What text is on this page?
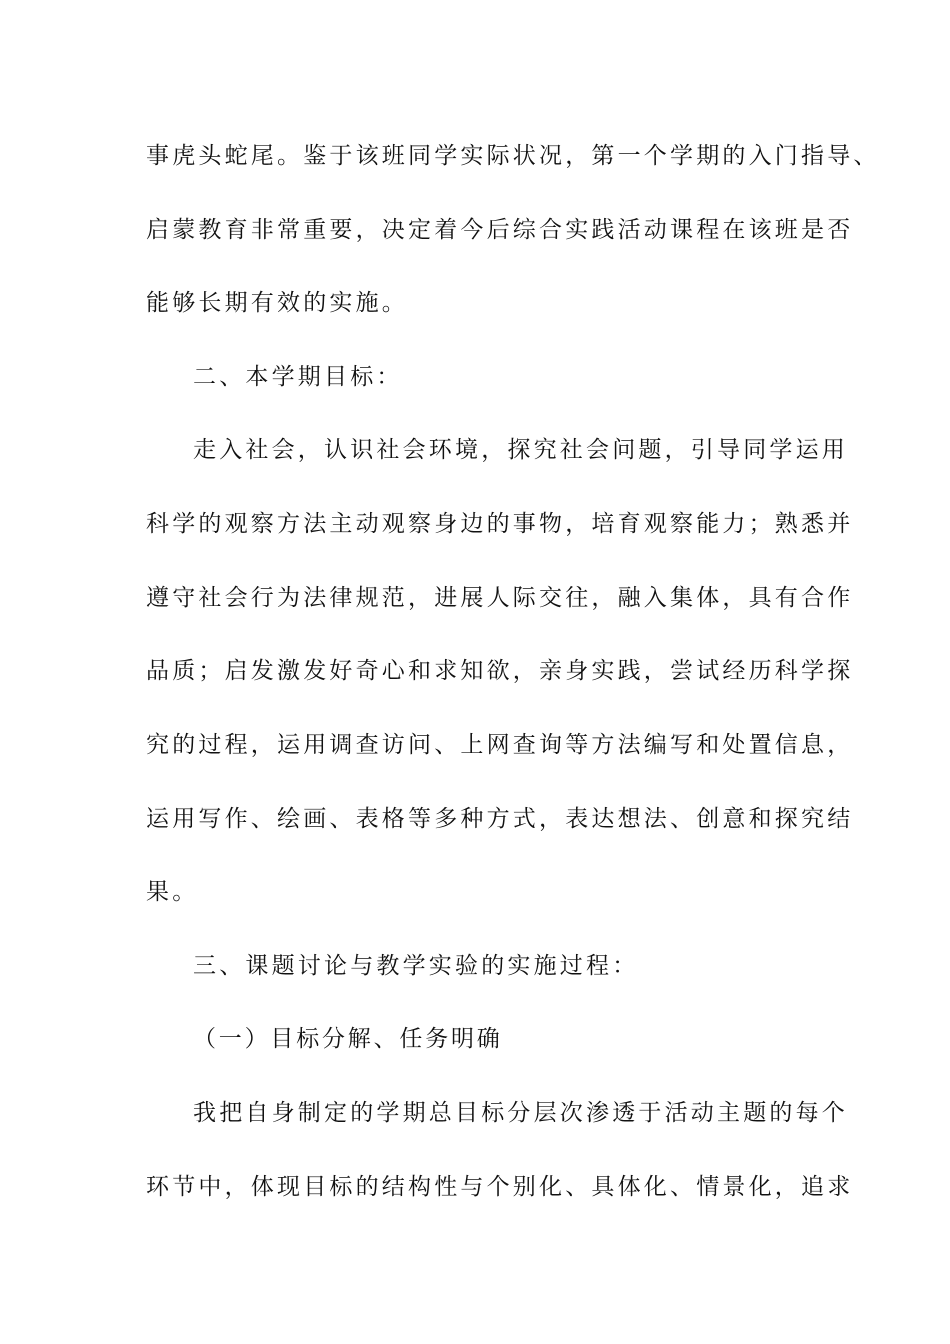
事虎头蛇尾。鉴于该班同学实际状况，第一个学期的入门指导、
启蒙教育非常重要，决定着今后综合实践活动课程在该班是否
能够长期有效的实施。
二、本学期目标：
走入社会，认识社会环境，探究社会问题，引导同学运用
科学的观察方法主动观察身边的事物，培育观察能力；熟悉并
遵守社会行为法律规范，进展人际交往，融入集体，具有合作
品质；启发激发好奇心和求知欲，亲身实践，尝试经历科学探
究的过程，运用调查访问、上网查询等方法编写和处置信息，
运用写作、绘画、表格等多种方式，表达想法、创意和探究结
果。
三、课题讨论与教学实验的实施过程：
（一）目标分解、任务明确
我把自身制定的学期总目标分层次渗透于活动主题的每个
环节中，体现目标的结构性与个别化、具体化、情景化，追求
